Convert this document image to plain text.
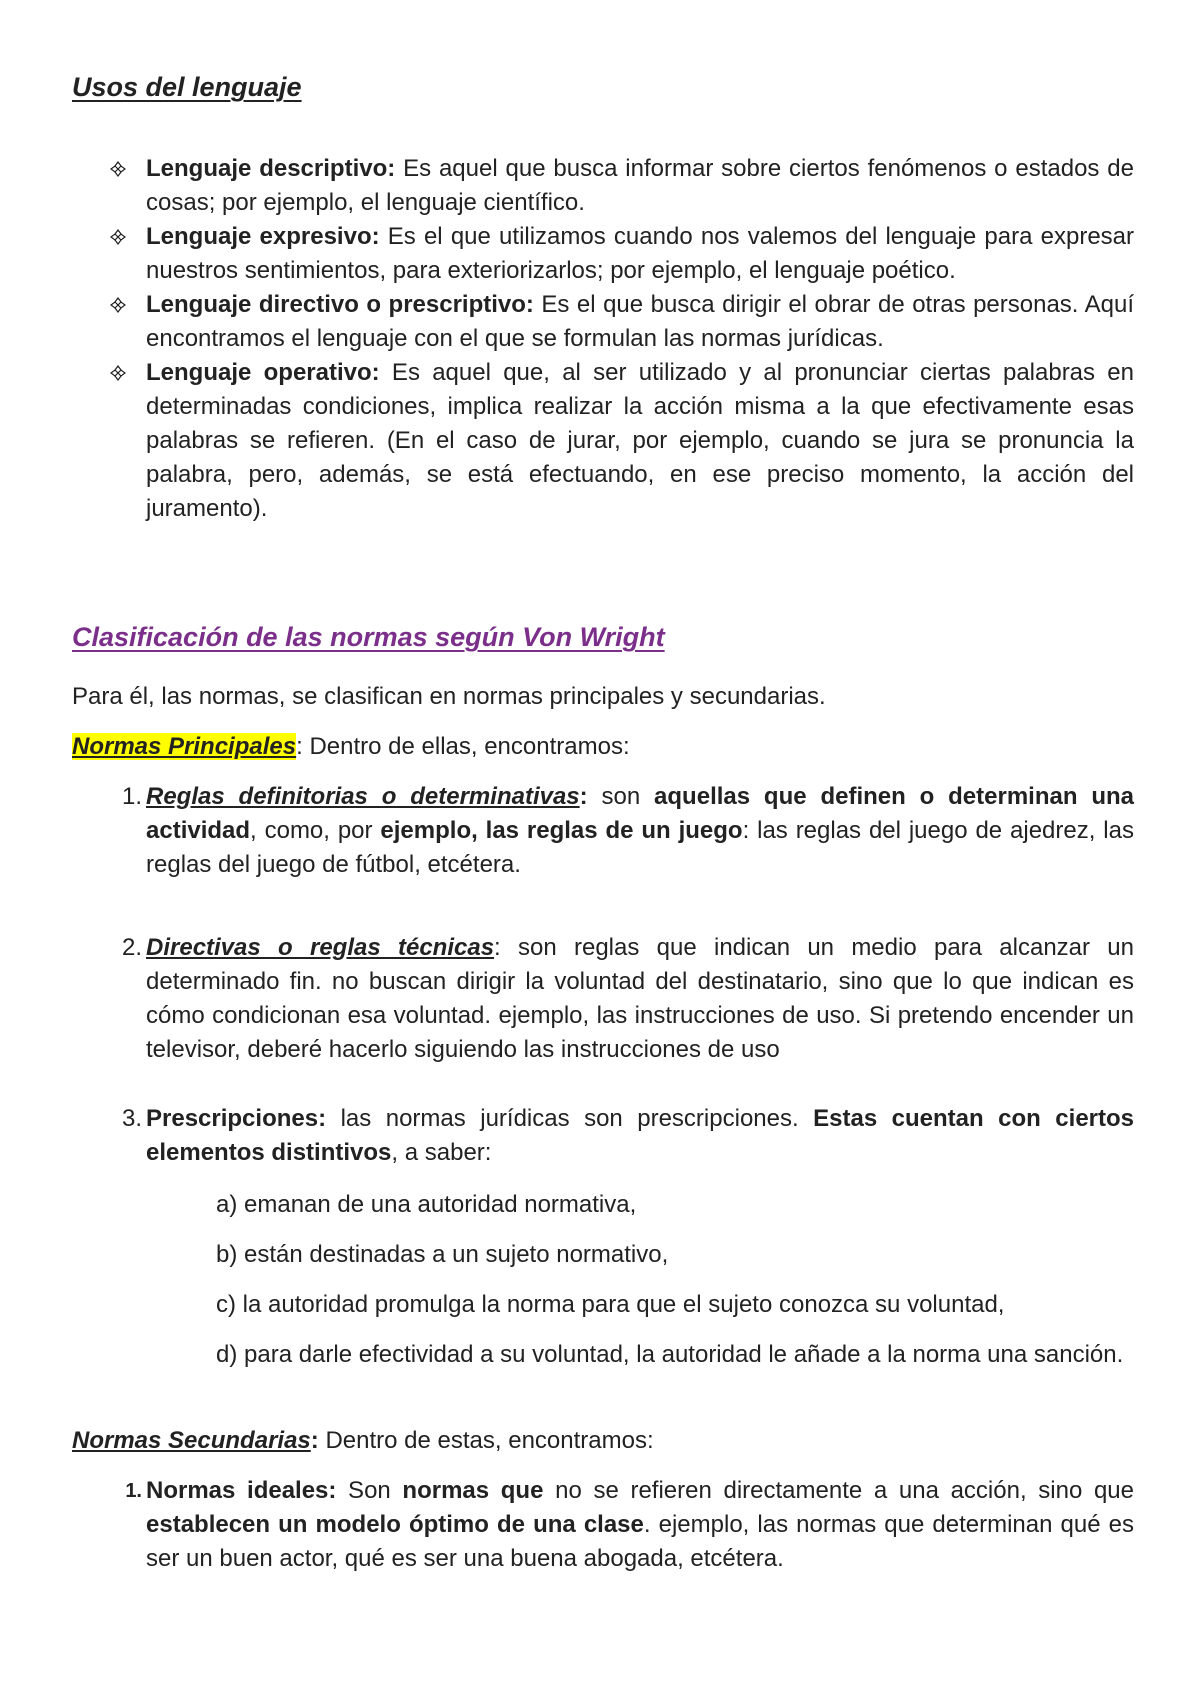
Usos del lenguaje
Lenguaje descriptivo: Es aquel que busca informar sobre ciertos fenómenos o estados de cosas; por ejemplo, el lenguaje científico.
Lenguaje expresivo: Es el que utilizamos cuando nos valemos del lenguaje para expresar nuestros sentimientos, para exteriorizarlos; por ejemplo, el lenguaje poético.
Lenguaje directivo o prescriptivo: Es el que busca dirigir el obrar de otras personas. Aquí encontramos el lenguaje con el que se formulan las normas jurídicas.
Lenguaje operativo: Es aquel que, al ser utilizado y al pronunciar ciertas palabras en determinadas condiciones, implica realizar la acción misma a la que efectivamente esas palabras se refieren. (En el caso de jurar, por ejemplo, cuando se jura se pronuncia la palabra, pero, además, se está efectuando, en ese preciso momento, la acción del juramento).
Clasificación de las normas según Von Wright
Para él, las normas, se clasifican en normas principales y secundarias.
Normas Principales: Dentro de ellas, encontramos:
1. Reglas definitorias o determinativas: son aquellas que definen o determinan una actividad, como, por ejemplo, las reglas de un juego: las reglas del juego de ajedrez, las reglas del juego de fútbol, etcétera.
2. Directivas o reglas técnicas: son reglas que indican un medio para alcanzar un determinado fin. no buscan dirigir la voluntad del destinatario, sino que lo que indican es cómo condicionan esa voluntad. ejemplo, las instrucciones de uso. Si pretendo encender un televisor, deberé hacerlo siguiendo las instrucciones de uso
3. Prescripciones: las normas jurídicas son prescripciones. Estas cuentan con ciertos elementos distintivos, a saber:
a) emanan de una autoridad normativa,
b) están destinadas a un sujeto normativo,
c) la autoridad promulga la norma para que el sujeto conozca su voluntad,
d) para darle efectividad a su voluntad, la autoridad le añade a la norma una sanción.
Normas Secundarias: Dentro de estas, encontramos:
1. Normas ideales: Son normas que no se refieren directamente a una acción, sino que establecen un modelo óptimo de una clase. ejemplo, las normas que determinan qué es ser un buen actor, qué es ser una buena abogada, etcétera.
